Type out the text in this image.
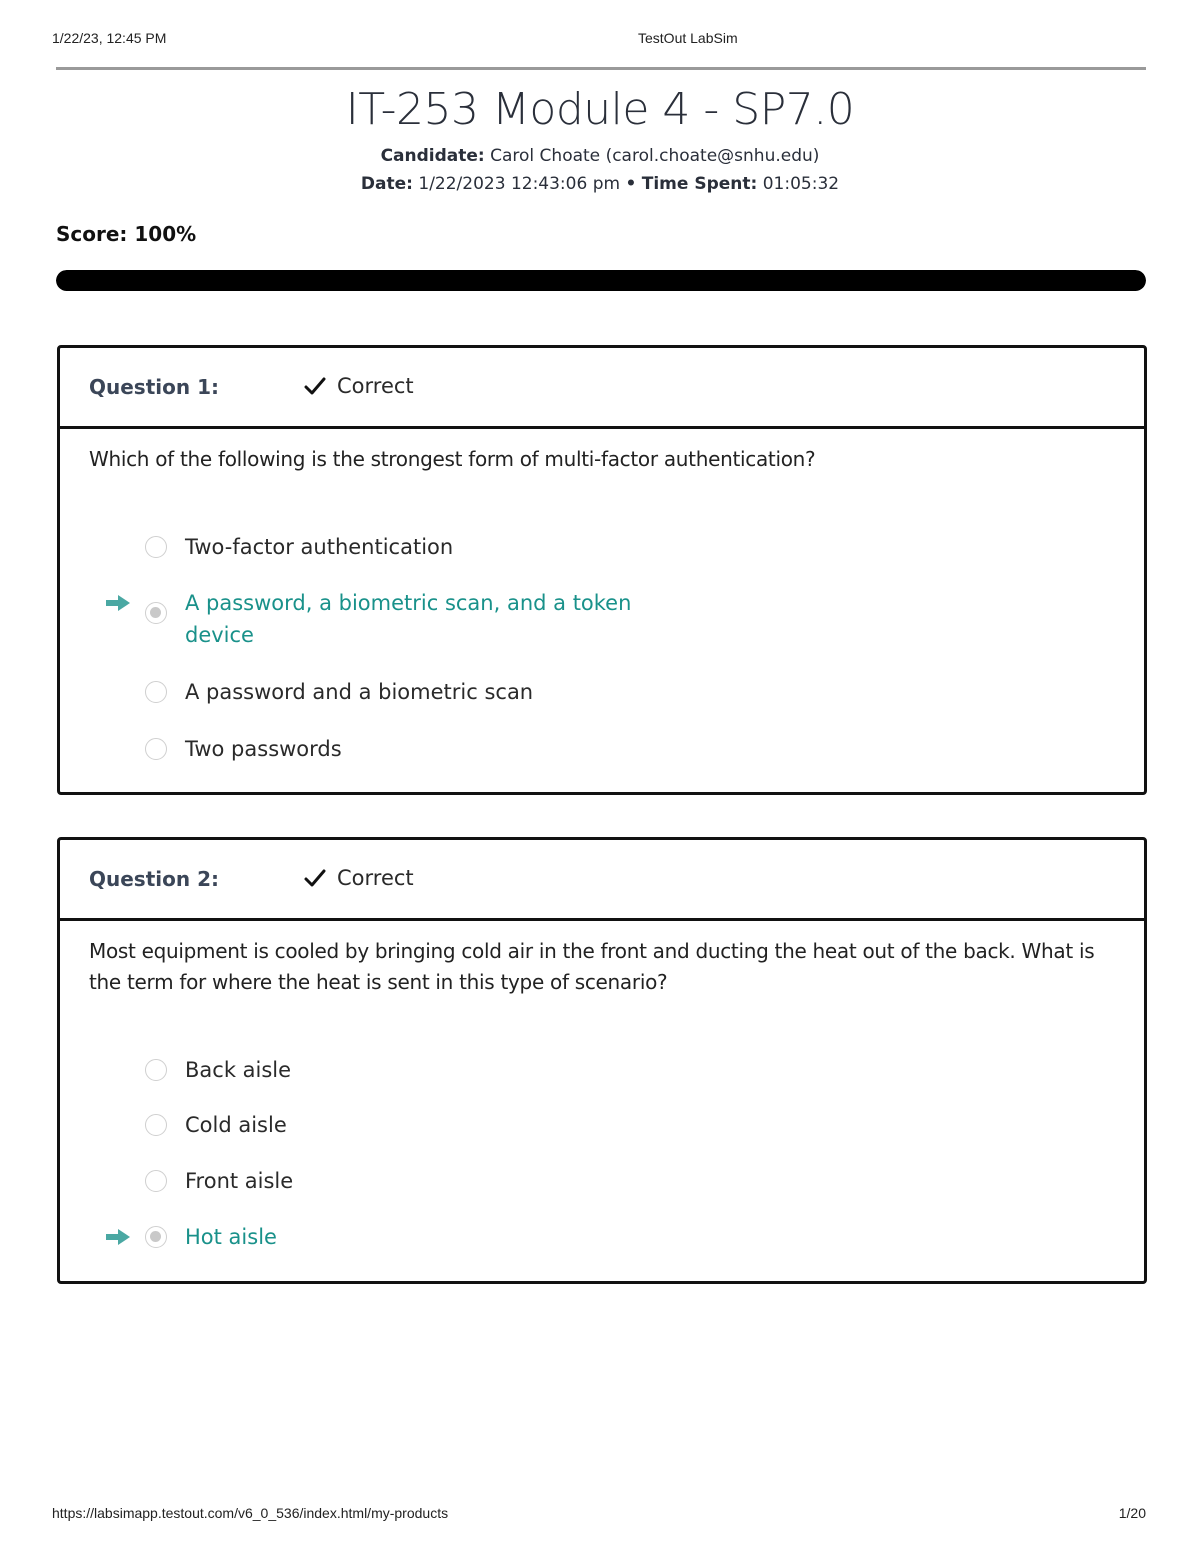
1/22/23, 12:45 PM	TestOut LabSim
IT-253 Module 4 - SP7.0
Candidate: Carol Choate (carol.choate@snhu.edu)
Date: 1/22/2023 12:43:06 pm • Time Spent: 01:05:32
Score: 100%
Question 1:	Correct
Which of the following is the strongest form of multi-factor authentication?
Two-factor authentication
A password, a biometric scan, and a token device
A password and a biometric scan
Two passwords
Question 2:	Correct
Most equipment is cooled by bringing cold air in the front and ducting the heat out of the back. What is the term for where the heat is sent in this type of scenario?
Back aisle
Cold aisle
Front aisle
Hot aisle
https://labsimapp.testout.com/v6_0_536/index.html/my-products	1/20
